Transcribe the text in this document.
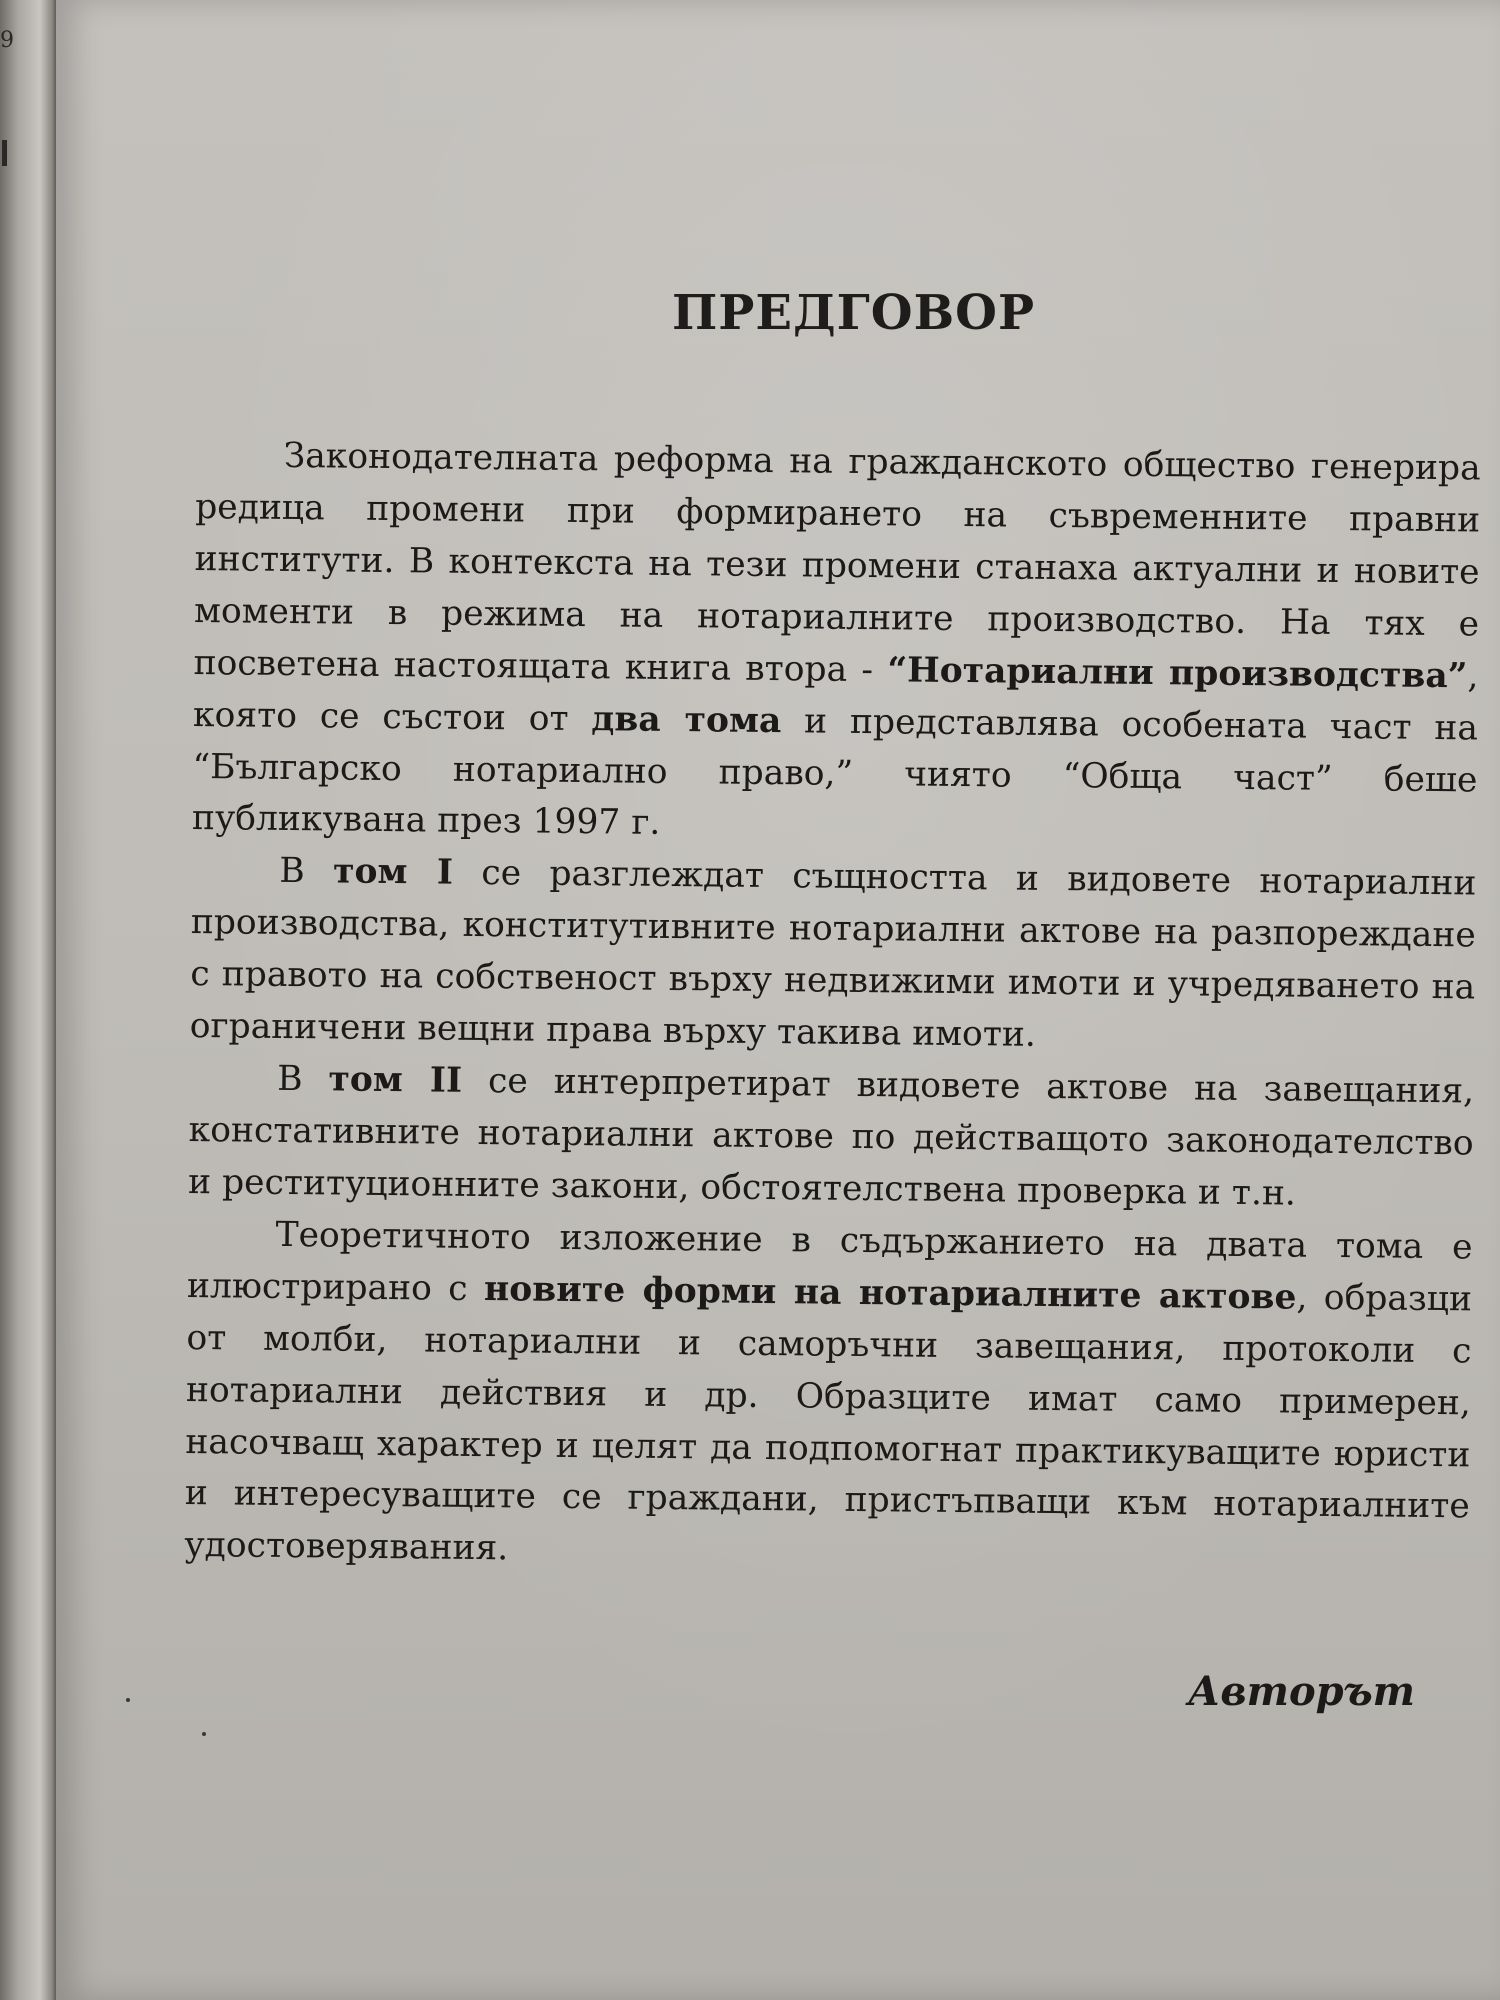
9
ПРЕДГОВОР

Законодателната реформа на гражданското общество генерира редица промени при формирането на съвременните правни институти. В контекста на тези промени станаха актуални и новите моменти в режима на нотариалните производство. На тях е посветена настоящата книга втора - “Нотариални производства”, която се състои от два тома и представлява особената част на “Българско нотариално право,” чиято “Обща част” беше публикувана през 1997 г.

В том I се разглеждат същността и видовете нотариални производства, конститутивните нотариални актове на разпореждане с правото на собственост върху недвижими имоти и учредяването на ограничени вещни права върху такива имоти.

В том II се интерпретират видовете актове на завещания, констативните нотариални актове по действащото законодателство и реституционните закони, обстоятелствена проверка и т.н.

Теоретичното изложение в съдържанието на двата тома е илюстрирано с новите форми на нотариалните актове, образци от молби, нотариални и саморъчни завещания, протоколи с нотариални действия и др. Образците имат само примерен, насочващ характер и целят да подпомогнат практикуващите юристи и интересуващите се граждани, пристъпващи към нотариалните удостоверявания.

Авторът
